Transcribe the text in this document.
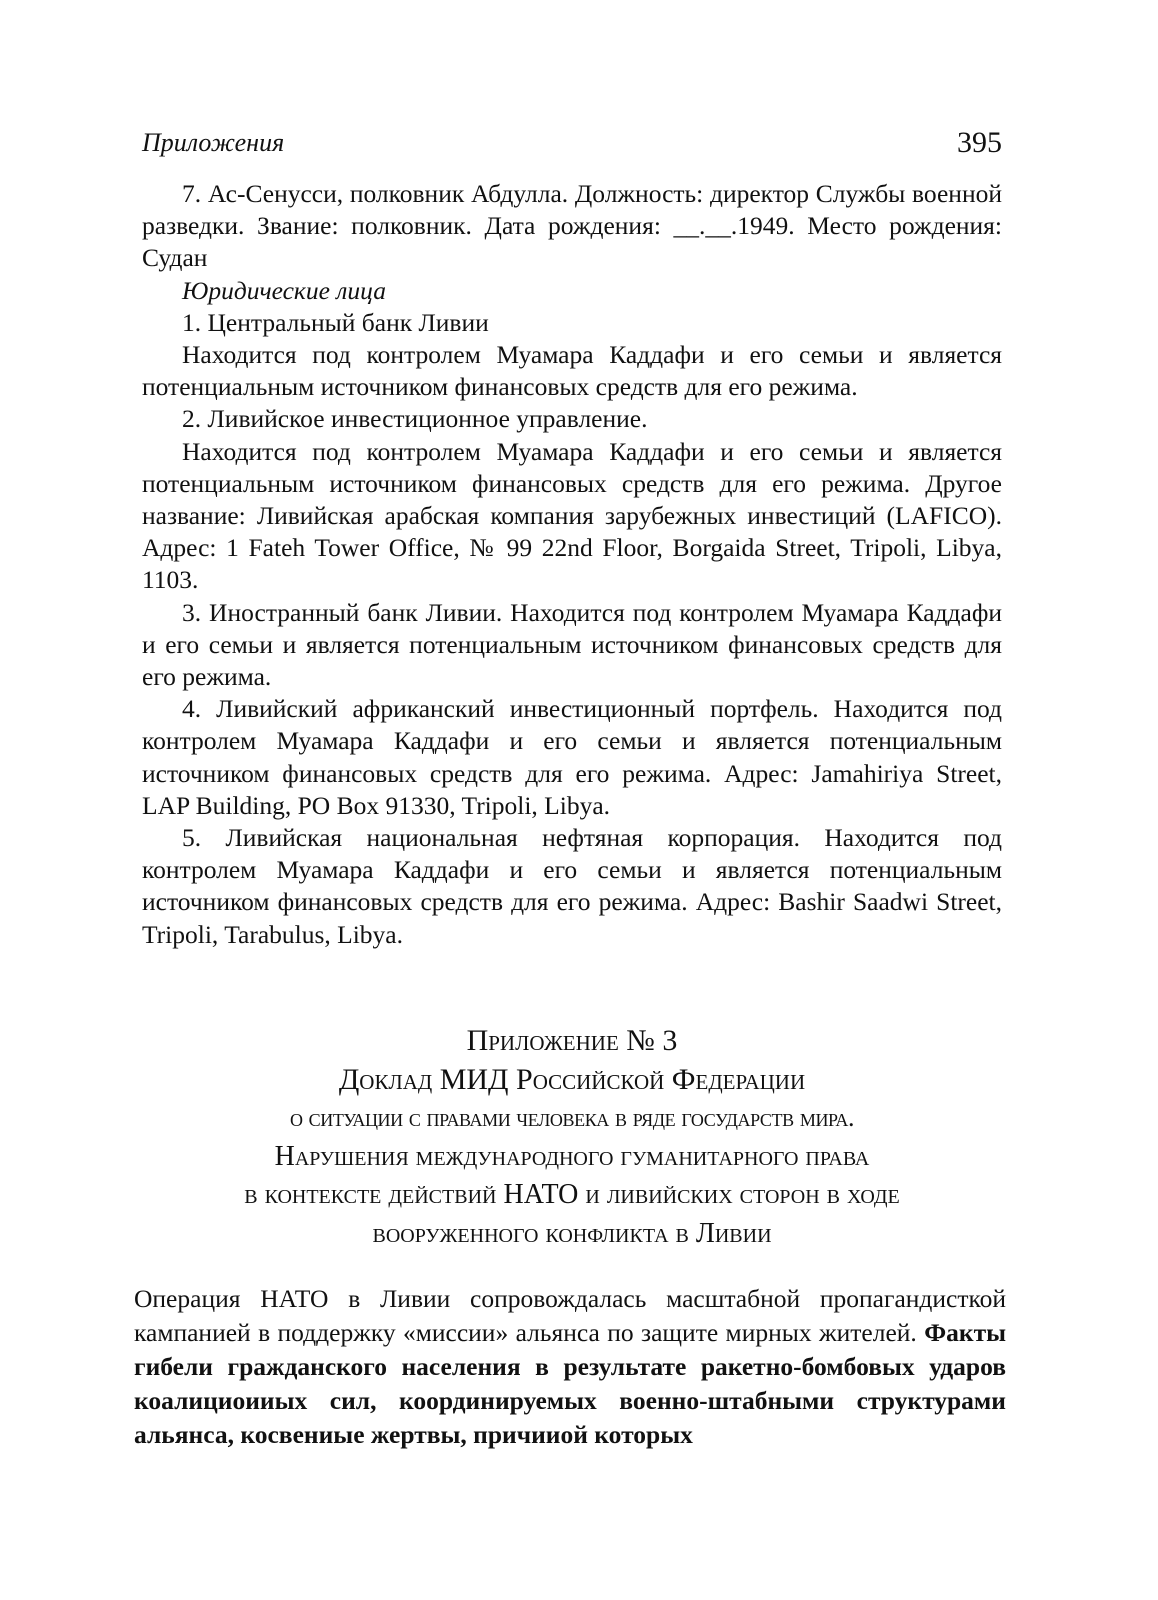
Приложения	395

7. Ас-Сенусси, полковник Абдулла. Должность: директор Службы военной разведки. Звание: полковник. Дата рождения: __.__.1949. Место рождения: Судан

Юридические лица

1. Центральный банк Ливии

Находится под контролем Муамара Каддафи и его семьи и является потенциальным источником финансовых средств для его режима.

2. Ливийское инвестиционное управление.

Находится под контролем Муамара Каддафи и его семьи и является потенциальным источником финансовых средств для его режима. Другое название: Ливийская арабская компания зарубежных инвестиций (LAFICO). Адрес: 1 Fateh Tower Office, № 99 22nd Floor, Borgaida Street, Tripoli, Libya, 1103.

3. Иностранный банк Ливии. Находится под контролем Муамара Каддафи и его семьи и является потенциальным источником финансовых средств для его режима.

4. Ливийский африканский инвестиционный портфель. Находится под контролем Муамара Каддафи и его семьи и является потенциальным источником финансовых средств для его режима. Адрес: Jamahiriya Street, LAP Building, PO Box 91330, Tripoli, Libya.

5. Ливийская национальная нефтяная корпорация. Находится под контролем Муамара Каддафи и его семьи и является потенциальным источником финансовых средств для его режима. Адрес: Bashir Saadwi Street, Tripoli, Tarabulus, Libya.

Приложение № 3
Доклад МИД Российской Федерации
о ситуации с правами человека в ряде государств мира.
Нарушения международного гуманитарного права
в контексте действий НАТО и ливийских сторон в ходе
вооруженного конфликта в Ливии

Операция НАТО в Ливии сопровождалась масштабной пропагандисткой кампанией в поддержку «миссии» альянса по защите мирных жителей. Факты гибели гражданского населения в результате ракетно-бомбовых ударов коалициоииых сил, координируемых военно-штабными структурами альянса, косвениые жертвы, причииой которых
